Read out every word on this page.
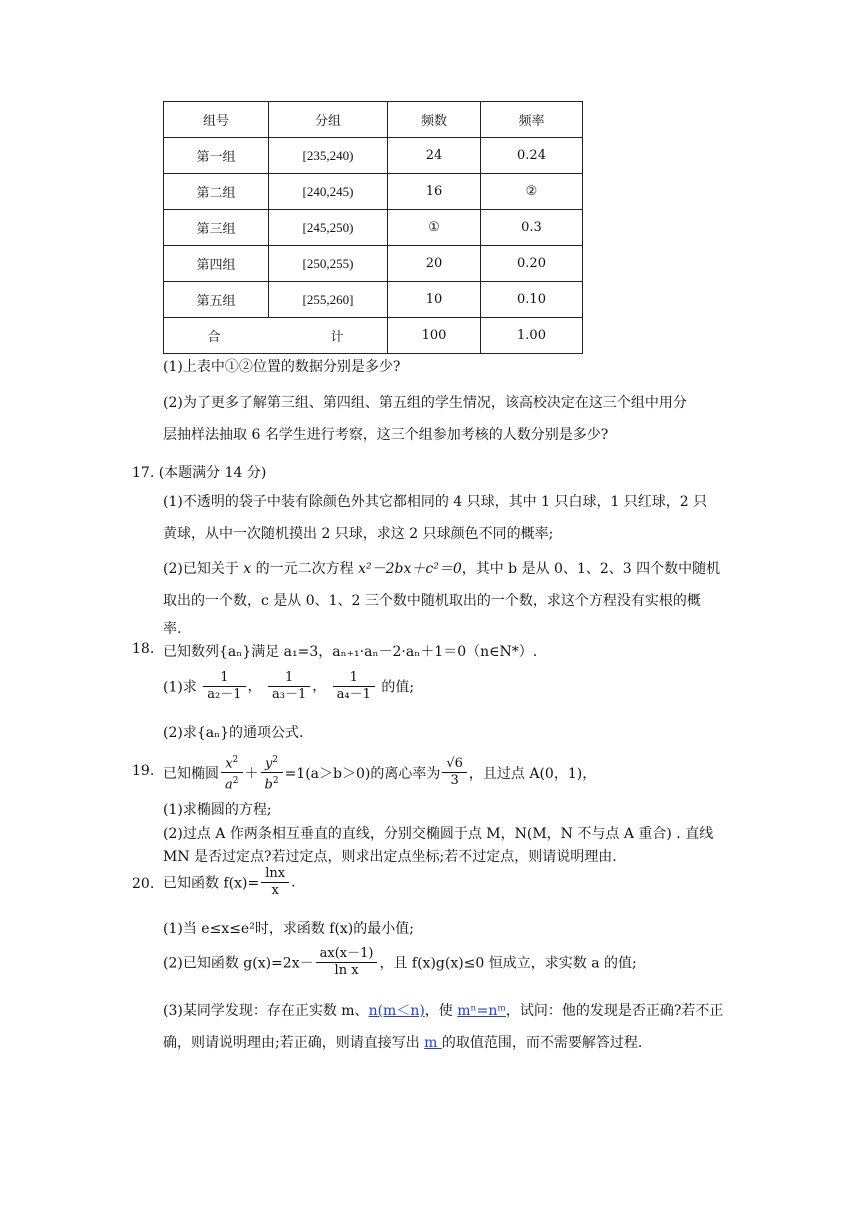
组号	分组	频数	频率
第一组	[235,240)	24	0.24
第二组	[240,245)	16	②
第三组	[245,250)	①	0.3
第四组	[250,255)	20	0.20
第五组	[255,260]	10	0.10
合 计		100	1.00
(1)上表中①②位置的数据分别是多少?
(2)为了更多了解第三组、第四组、第五组的学生情况，该高校决定在这三个组中用分
层抽样法抽取 6 名学生进行考察，这三个组参加考核的人数分别是多少?
17. (本题满分 14 分)
(1)不透明的袋子中装有除颜色外其它都相同的 4 只球，其中 1 只白球，1 只红球，2 只
黄球，从中一次随机摸出 2 只球，求这 2 只球颜色不同的概率;
(2)已知关于 x 的一元二次方程 x²－2bx＋c²＝0，其中 b 是从 0、1、2、3 四个数中随机
取出的一个数，c 是从 0、1、2 三个数中随机取出的一个数，求这个方程没有实根的概
率.
18. 已知数列{aₙ}满足 a₁=3，aₙ₊₁·aₙ－2·aₙ＋1＝0（n∈N*）.
(1)求 $\frac{1}{\text{a₂－1}}$ ， $\frac{1}{\text{a₃－1}}$ ， $\frac{1}{\text{a₄－1}}$ 的值;
(2)求{aₙ}的通项公式.
19. 已知椭圆 $\frac{x^2}{a^2} + \frac{y^2}{b^2} =1(a>b>0)$的离心率为 $\frac{√6}{3}$ ，且过点 A(0，1)，
(1)求椭圆的方程;
(2)过点 A 作两条相互垂直的直线，分别交椭圆于点 M，N(M，N 不与点 A 重合) . 直线
MN 是否过定点?若过定点，则求出定点坐标;若不过定点，则请说明理由.
20. 已知函数 $f(x)= \frac{\ln x}{x}$ .
(1)当 e≤x≤e²时，求函数 f(x)的最小值;
(2)已知函数 $g(x)=2x- \frac{ax(x-1)}{\text{ln x}}$ ，且 f(x)g(x)≤0 恒成立，求实数 a 的值;
(3)某同学发现：存在正实数 m、n(m＜n)，使 mⁿ=nᵐ，试问：他的发现是否正确?若不正
确，则请说明理由;若正确，则请直接写出 m 的取值范围，而不需要解答过程.
